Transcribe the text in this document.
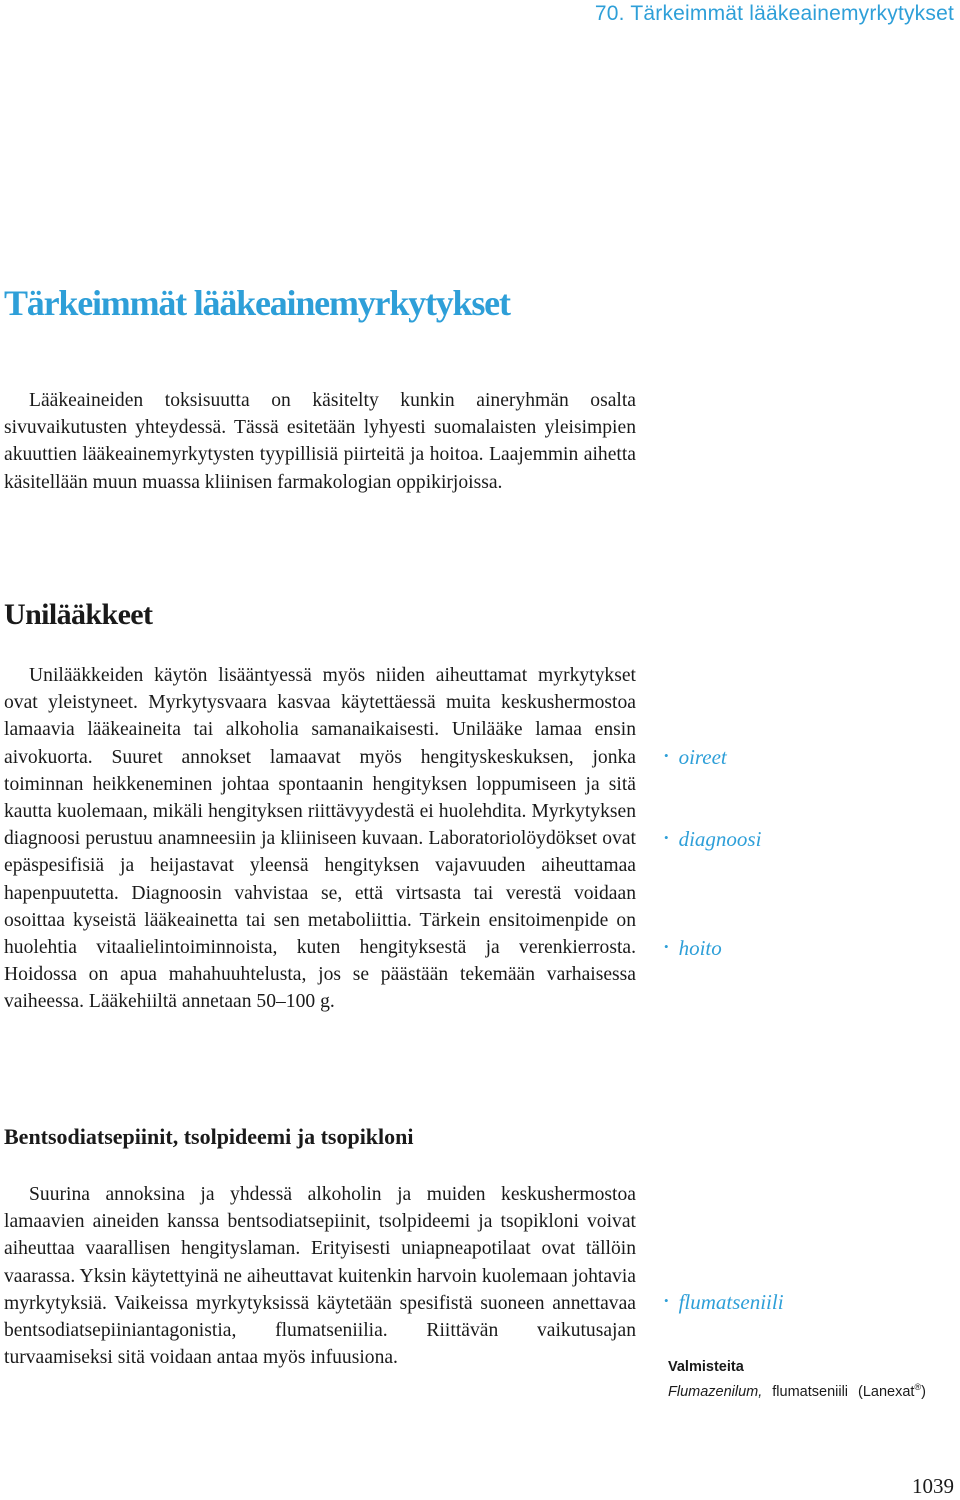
70. Tärkeimmät lääkeainemyrkytykset
Tärkeimmät lääkeainemyrkytykset

Lääkeaineiden toksisuutta on käsitelty kunkin aineryhmän osalta sivuvaikutusten yhteydessä. Tässä esitetään lyhyesti suomalaisten yleisimpien akuuttien lääkeainemyrkytysten tyypillisiä piirteitä ja hoitoa. Laajemmin aihetta käsitellään muun muassa kliinisen farmakologian oppikirjoissa.

Unilääkkeet

Unilääkkeiden käytön lisääntyessä myös niiden aiheuttamat myrkytykset ovat yleistyneet. Myrkytysvaara kasvaa käytettäessä muita keskushermostoa lamaavia lääkeaineita tai alkoholia samanaikaisesti. Unilääke lamaa ensin aivokuorta. Suuret annokset lamaavat myös hengityskeskuksen, jonka toiminnan heikkeneminen johtaa spontaanin hengityksen loppumiseen ja sitä kautta kuolemaan, mikäli hengityksen riittävyydestä ei huolehdita. Myrkytyksen diagnoosi perustuu anamneesiin ja kliiniseen kuvaan. Laboratoriolöydökset ovat epäspesifisiä ja heijastavat yleensä hengityksen vajavuuden aiheuttamaa hapenpuutetta. Diagnoosin vahvistaa se, että virtsasta tai verestä voidaan osoittaa kyseistä lääkeainetta tai sen metaboliittia. Tärkein ensitoimenpide on huolehtia vitaalielintoiminnoista, kuten hengityksestä ja verenkierrosta. Hoidossa on apua mahahuuhtelusta, jos se päästään tekemään varhaisessa vaiheessa. Lääkehiiltä annetaan 50–100 g.

• oireet
• diagnoosi
• hoito
Bentsodiatsepiinit, tsolpideemi ja tsopikloni

Suurina annoksina ja yhdessä alkoholin ja muiden keskushermostoa lamaavien aineiden kanssa bentsodiatsepiinit, tsolpideemi ja tsopikloni voivat aiheuttaa vaarallisen hengityslaman. Erityisesti uniapneapotilaat ovat tällöin vaarassa. Yksin käytettyinä ne aiheuttavat kuitenkin harvoin kuolemaan johtavia myrkytyksiä. Vaikeissa myrkytyksissä käytetään spesifistä suoneen annettavaa bentsodiatsepiiniantagonistia, flumatseniilia. Riittävän vaikutusajan turvaamiseksi sitä voidaan antaa myös infuusiona.

• flumatseniili
Valmisteita
Flumazenilum, flumatseniili (Lanexat®)
1039
